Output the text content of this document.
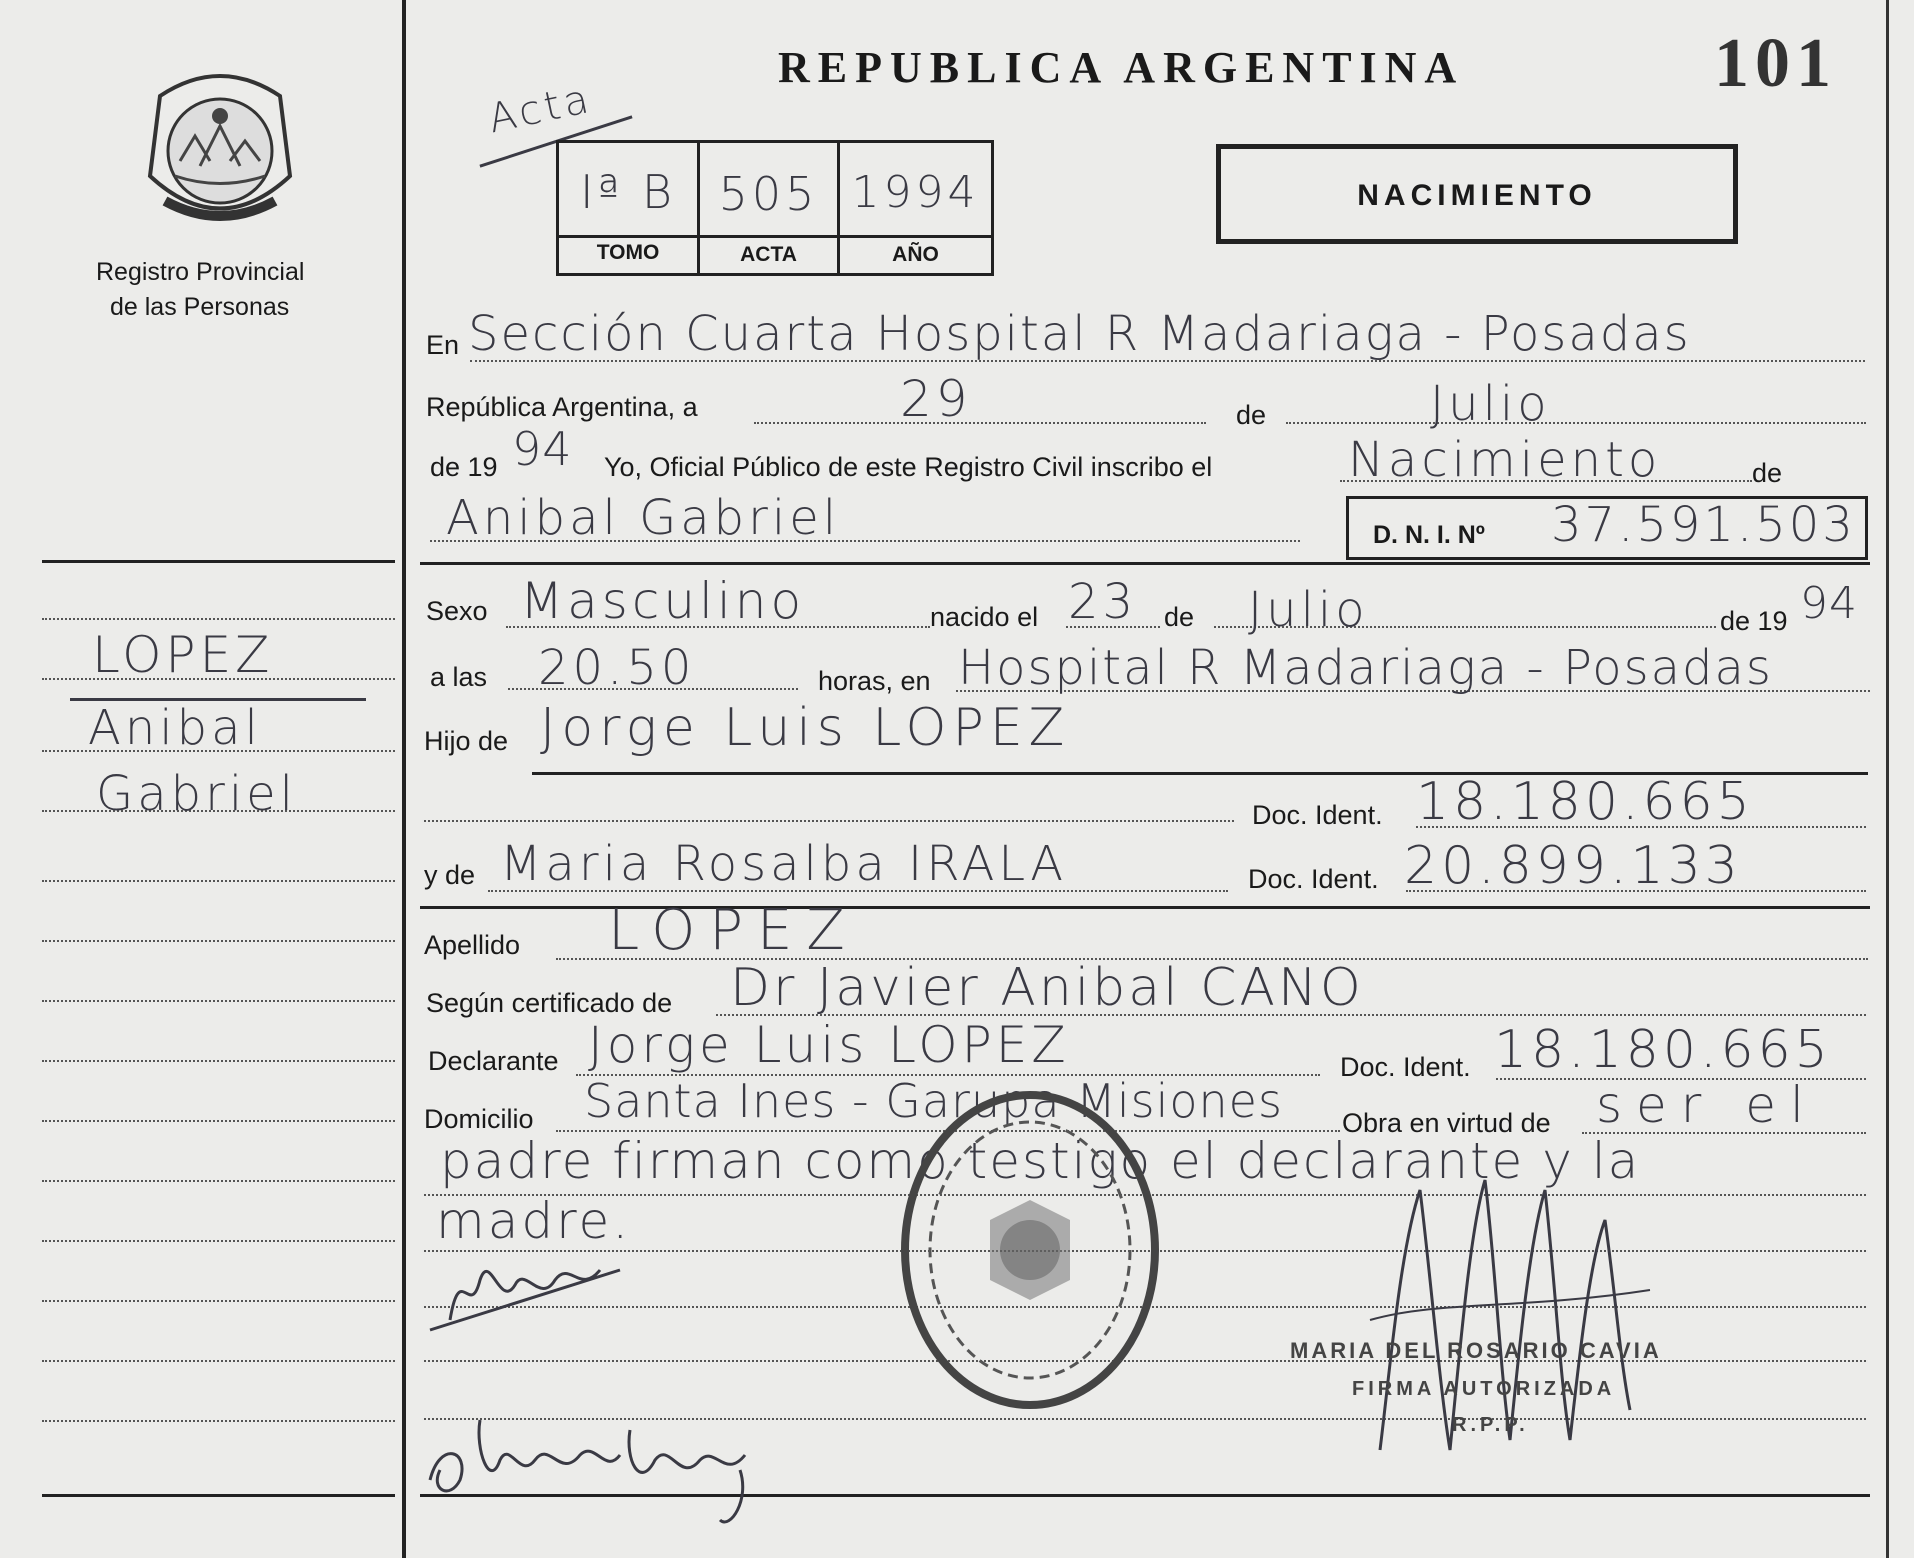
Registro Provincial
de las Personas
LOPEZ
Anibal
Gabriel
REPUBLICA ARGENTINA	101
Acta
Iª B 505 1994
TOMO	ACTA	AÑO
NACIMIENTO
En Sección Cuarta Hospital R Madariaga - Posadas
República Argentina, a	29	de	Julio
de 19 94 Yo, Oficial Público de este Registro Civil inscribo el	Nacimiento	de
Anibal Gabriel	D. N. I. Nº 37.591.503
Sexo Masculino	nacido el 23 de Julio	de 19 94
a las 20.50	horas, en Hospital R Madariaga - Posadas
Hijo de Jorge Luis LOPEZ
Doc. Ident. 18.180.665
y de Maria Rosalba IRALA	Doc. Ident. 20.899.133
Apellido LOPEZ
Según certificado de Dr Javier Anibal CANO
Declarante Jorge Luis LOPEZ	Doc. Ident. 18.180.665
Domicilio Santa Ines - Garupa Misiones Obra en virtud de ser el
padre firman como testigo el declarante y la
madre.
MARIA DEL ROSARIO CAVIA
FIRMA AUTORIZADA
R.P.P.
